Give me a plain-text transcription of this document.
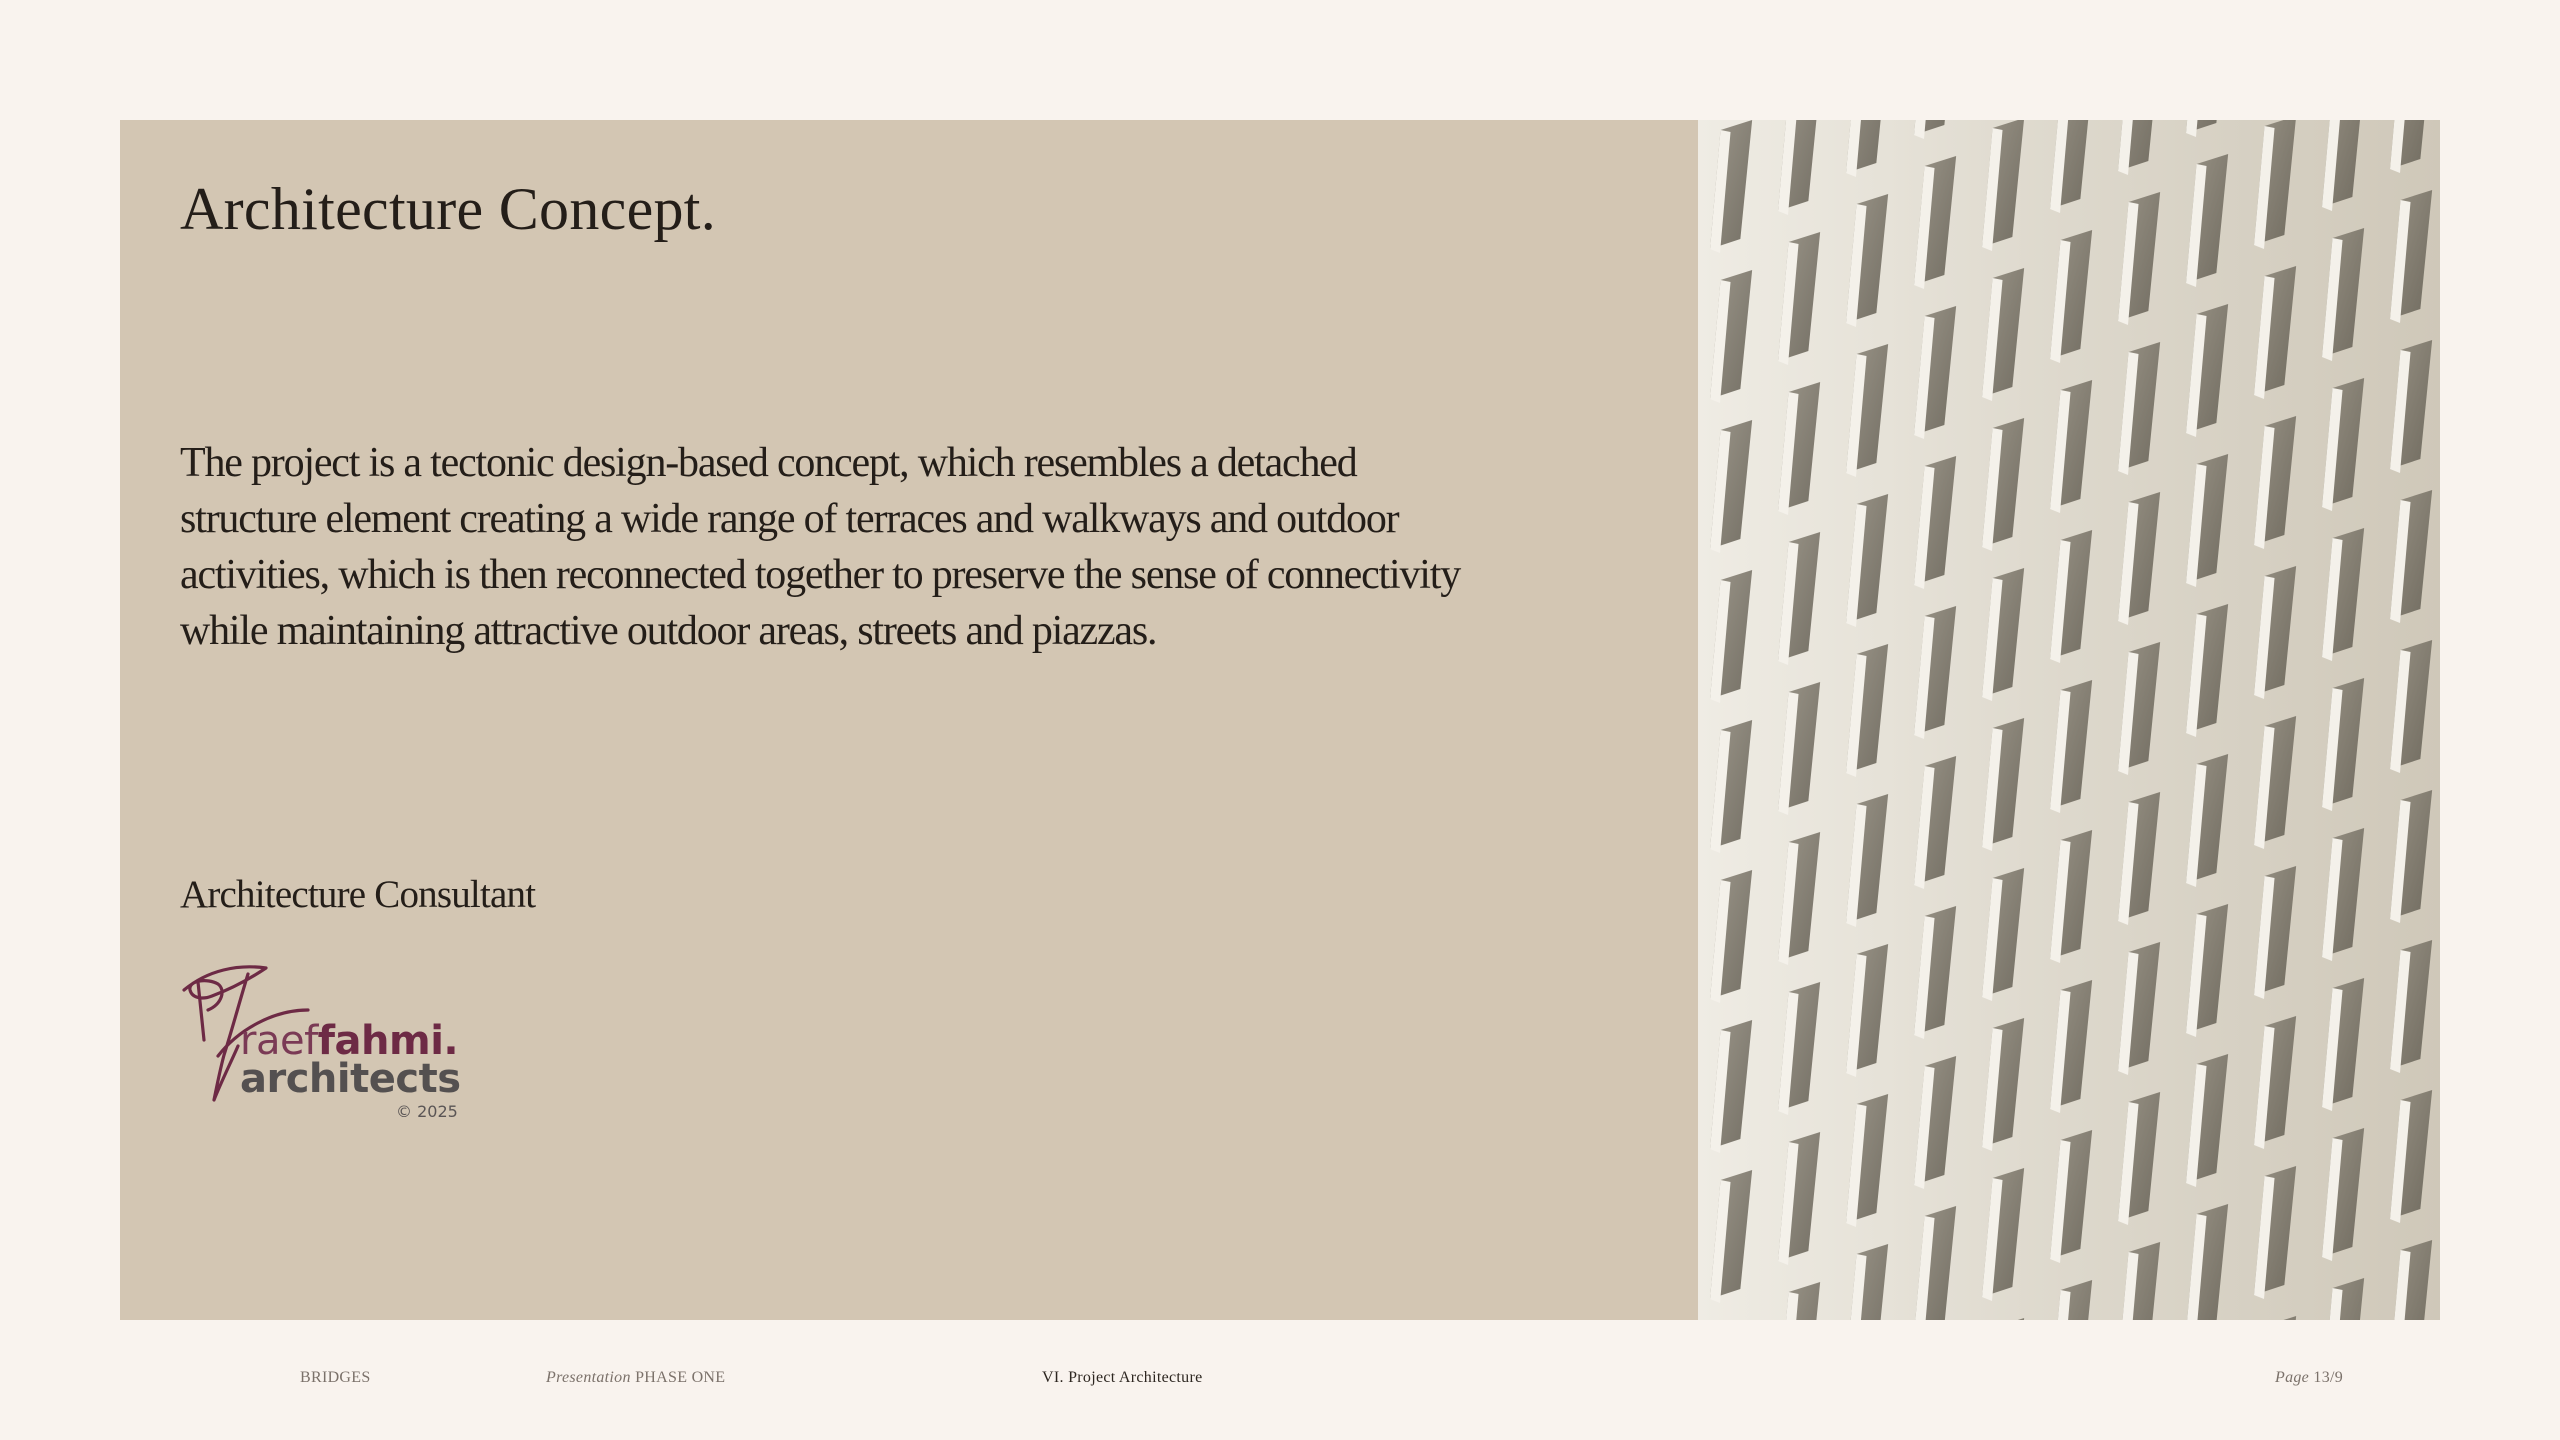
Architecture Concept.
The project is a tectonic design-based concept, which resembles a detached structure element creating a wide range of terraces and walkways and outdoor activities, which is then reconnected together to preserve the sense of connectivity while maintaining attractive outdoor areas, streets and piazzas.
Architecture Consultant
raeffahmi.
architects
© 2025
BRIDGES	Presentation PHASE ONE	VI. Project Architecture	Page 13/9
